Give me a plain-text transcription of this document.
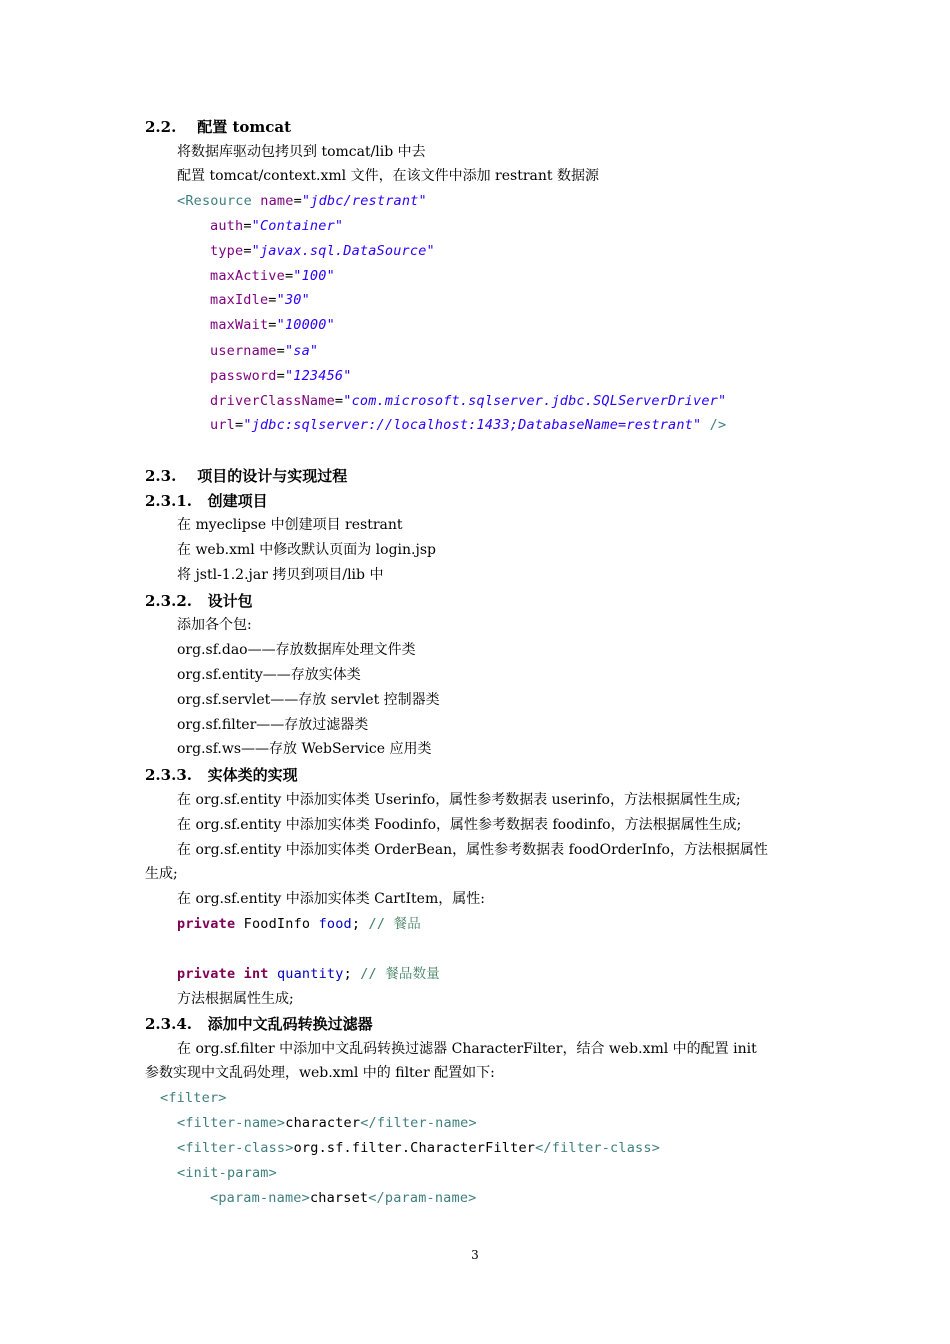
2.2. 配置 tomcat
将数据库驱动包拷贝到 tomcat/lib 中去
配置 tomcat/context.xml 文件，在该文件中添加 restrant 数据源
<Resource name="jdbc/restrant"
auth="Container"
type="javax.sql.DataSource"
maxActive="100"
maxIdle="30"
maxWait="10000"
username="sa"
password="123456"
driverClassName="com.microsoft.sqlserver.jdbc.SQLServerDriver"
url="jdbc:sqlserver://localhost:1433;DatabaseName=restrant" />
2.3. 项目的设计与实现过程
2.3.1. 创建项目
在 myeclipse 中创建项目 restrant
在 web.xml 中修改默认页面为 login.jsp
将 jstl-1.2.jar 拷贝到项目/lib 中
2.3.2. 设计包
添加各个包:
org.sf.dao——存放数据库处理文件类
org.sf.entity——存放实体类
org.sf.servlet——存放 servlet 控制器类
org.sf.filter——存放过滤器类
org.sf.ws——存放 WebService 应用类
2.3.3. 实体类的实现
在 org.sf.entity 中添加实体类 Userinfo，属性参考数据表 userinfo，方法根据属性生成;
在 org.sf.entity 中添加实体类 Foodinfo，属性参考数据表 foodinfo，方法根据属性生成;
在 org.sf.entity 中添加实体类 OrderBean，属性参考数据表 foodOrderInfo，方法根据属性
生成;
在 org.sf.entity 中添加实体类 CartItem，属性:
private FoodInfo food; // 餐品
private int quantity; // 餐品数量
方法根据属性生成;
2.3.4. 添加中文乱码转换过滤器
在 org.sf.filter 中添加中文乱码转换过滤器 CharacterFilter，结合 web.xml 中的配置 init
参数实现中文乱码处理，web.xml 中的 filter 配置如下:
<filter>
<filter-name>character</filter-name>
<filter-class>org.sf.filter.CharacterFilter</filter-class>
<init-param>
<param-name>charset</param-name>
3
